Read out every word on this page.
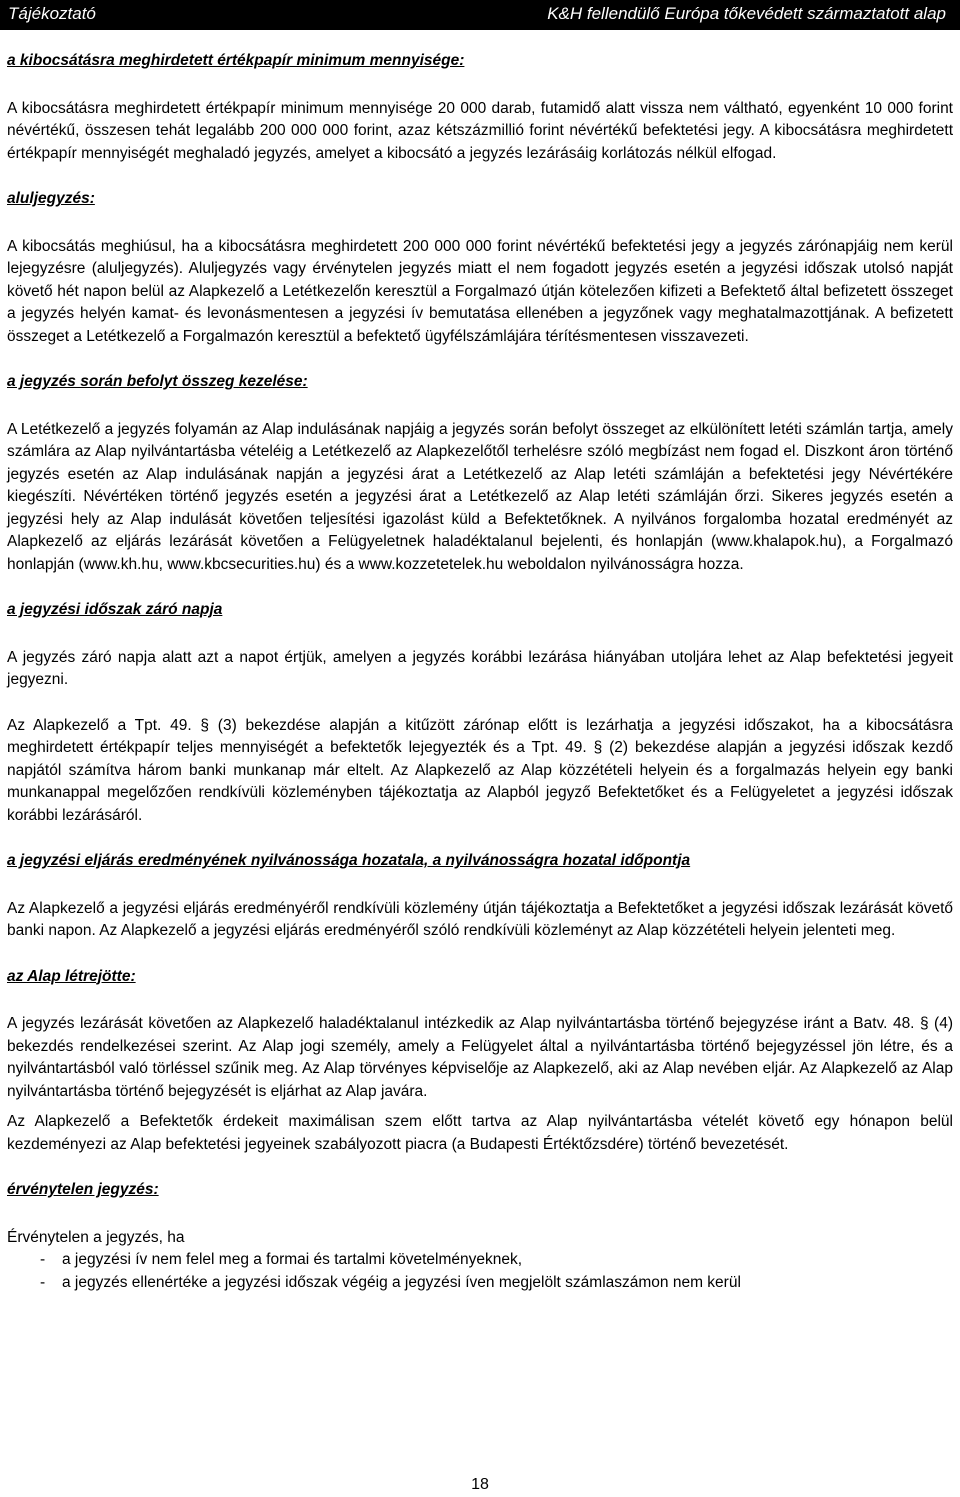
Tájékoztató	K&H fellendülő Európa tőkevédett származtatott alap

a kibocsátásra meghirdetett értékpapír minimum mennyisége:

A kibocsátásra meghirdetett értékpapír minimum mennyisége 20 000 darab, futamidő alatt vissza nem váltható, egyenként 10 000 forint névértékű, összesen tehát legalább 200 000 000 forint, azaz kétszázmillió forint névértékű befektetési jegy. A kibocsátásra meghirdetett értékpapír mennyiségét meghaladó jegyzés, amelyet a kibocsátó a jegyzés lezárásáig korlátozás nélkül elfogad.

aluljegyzés:

A kibocsátás meghiúsul, ha a kibocsátásra meghirdetett 200 000 000 forint névértékű befektetési jegy a jegyzés zárónapjáig nem kerül lejegyzésre (aluljegyzés). Aluljegyzés vagy érvénytelen jegyzés miatt el nem fogadott jegyzés esetén a jegyzési időszak utolsó napját követő hét napon belül az Alapkezelő a Letétkezelőn keresztül a Forgalmazó útján kötelezően kifizeti a Befektető által befizetett összeget a jegyzés helyén kamat- és levonásmentesen a jegyzési ív bemutatása ellenében a jegyzőnek vagy meghatalmazottjának. A befizetett összeget a Letétkezelő a Forgalmazón keresztül a befektető ügyfélszámlájára térítésmentesen visszavezeti.

a jegyzés során befolyt összeg kezelése:

A Letétkezelő a jegyzés folyamán az Alap indulásának napjáig a jegyzés során befolyt összeget az elkülönített letéti számlán tartja, amely számlára az Alap nyilvántartásba vételéig a Letétkezelő az Alapkezelőtől terhelésre szóló megbízást nem fogad el. Diszkont áron történő jegyzés esetén az Alap indulásának napján a jegyzési árat a Letétkezelő az Alap letéti számláján a befektetési jegy Névértékére kiegészíti. Névértéken történő jegyzés esetén a jegyzési árat a Letétkezelő az Alap letéti számláján őrzi. Sikeres jegyzés esetén a jegyzési hely az Alap indulását követően teljesítési igazolást küld a Befektetőknek. A nyilvános forgalomba hozatal eredményét az Alapkezelő az eljárás lezárását követően a Felügyeletnek haladéktalanul bejelenti, és honlapján (www.khalapok.hu), a Forgalmazó honlapján (www.kh.hu, www.kbcsecurities.hu) és a www.kozzetetelek.hu weboldalon nyilvánosságra hozza.

a jegyzési időszak záró napja

A jegyzés záró napja alatt azt a napot értjük, amelyen a jegyzés korábbi lezárása hiányában utoljára lehet az Alap befektetési jegyeit jegyezni.

Az Alapkezelő a Tpt. 49. § (3) bekezdése alapján a kitűzött zárónap előtt is lezárhatja a jegyzési időszakot, ha a kibocsátásra meghirdetett értékpapír teljes mennyiségét a befektetők lejegyezték és a Tpt. 49. § (2) bekezdése alapján a jegyzési időszak kezdő napjától számítva három banki munkanap már eltelt. Az Alapkezelő az Alap közzétételi helyein és a forgalmazás helyein egy banki munkanappal megelőzően rendkívüli közleményben tájékoztatja az Alapból jegyző Befektetőket és a Felügyeletet a jegyzési időszak korábbi lezárásáról.

a jegyzési eljárás eredményének nyilvánossága hozatala, a nyilvánosságra hozatal időpontja

Az Alapkezelő a jegyzési eljárás eredményéről rendkívüli közlemény útján tájékoztatja a Befektetőket a jegyzési időszak lezárását követő banki napon. Az Alapkezelő a jegyzési eljárás eredményéről szóló rendkívüli közleményt az Alap közzétételi helyein jelenteti meg.

az Alap létrejötte:

A jegyzés lezárását követően az Alapkezelő haladéktalanul intézkedik az Alap nyilvántartásba történő bejegyzése iránt a Batv. 48. § (4) bekezdés rendelkezései szerint. Az Alap jogi személy, amely a Felügyelet által a nyilvántartásba történő bejegyzéssel jön létre, és a nyilvántartásból való törléssel szűnik meg. Az Alap törvényes képviselője az Alapkezelő, aki az Alap nevében eljár. Az Alapkezelő az Alap nyilvántartásba történő bejegyzését is eljárhat az Alap javára.

Az Alapkezelő a Befektetők érdekeit maximálisan szem előtt tartva az Alap nyilvántartásba vételét követő egy hónapon belül kezdeményezi az Alap befektetési jegyeinek szabályozott piacra (a Budapesti Értéktőzsdére) történő bevezetését.

érvénytelen jegyzés:

Érvénytelen a jegyzés, ha

- a jegyzési ív nem felel meg a formai és tartalmi követelményeknek,
- a jegyzés ellenértéke a jegyzési időszak végéig a jegyzési íven megjelölt számlaszámon nem kerül
18
